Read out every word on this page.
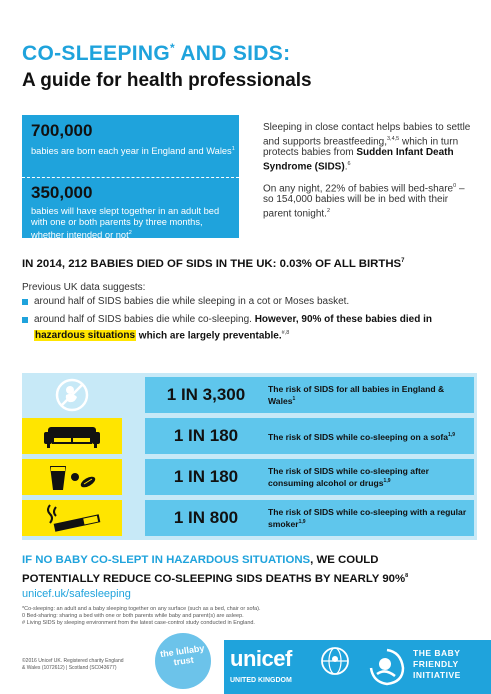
CO-SLEEPING* AND SIDS:
A guide for health professionals
700,000
babies are born each year in England and Wales$^1$
350,000
babies will have slept together in an adult bed with one or both parents by three months, whether intended or not$^2$

Sleeping in close contact helps babies to settle and supports breastfeeding,$^{3,4,5}$ which in turn protects babies from Sudden Infant Death Syndrome (SIDS).$^6$

On any night, 22% of babies will bed-share$^0$ – so 154,000 babies will be in bed with their parent tonight.$^2$

IN 2014, 212 BABIES DIED OF SIDS IN THE UK: 0.03% OF ALL BIRTHS$^7$
Previous UK data suggests:
around half of SIDS babies die while sleeping in a cot or Moses basket.
around half of SIDS babies die while co-sleeping. However, 90% of these babies died in hazardous situations which are largely preventable.$^{\#,8}$
1 IN 3,300	The risk of SIDS for all babies in England & Wales$^1$
1 IN 180	The risk of SIDS while co-sleeping on a sofa$^{1,9}$
1 IN 180	The risk of SIDS while co-sleeping after consuming alcohol or drugs$^{1,9}$
1 IN 800	The risk of SIDS while co-sleeping with a regular smoker$^{1,9}$
IF NO BABY CO-SLEPT IN HAZARDOUS SITUATIONS, WE COULD
POTENTIALLY REDUCE CO-SLEEPING SIDS DEATHS BY NEARLY 90%$^8$
unicef.uk/safesleeping
*Co-sleeping: an adult and a baby sleeping together on any surface (such as a bed, chair or sofa).
0 Bed-sharing: sharing a bed with one or both parents while baby and parent(s) are asleep.
# Living SIDS by sleeping environment from the latest case-control study conducted in England.
©2016 Unicef UK. Registered charity England
& Wales (1072612) | Scotland (SC043677)
the lullaby trust	unicef
UNITED KINGDOM
THE BABY
FRIENDLY
INITIATIVE
